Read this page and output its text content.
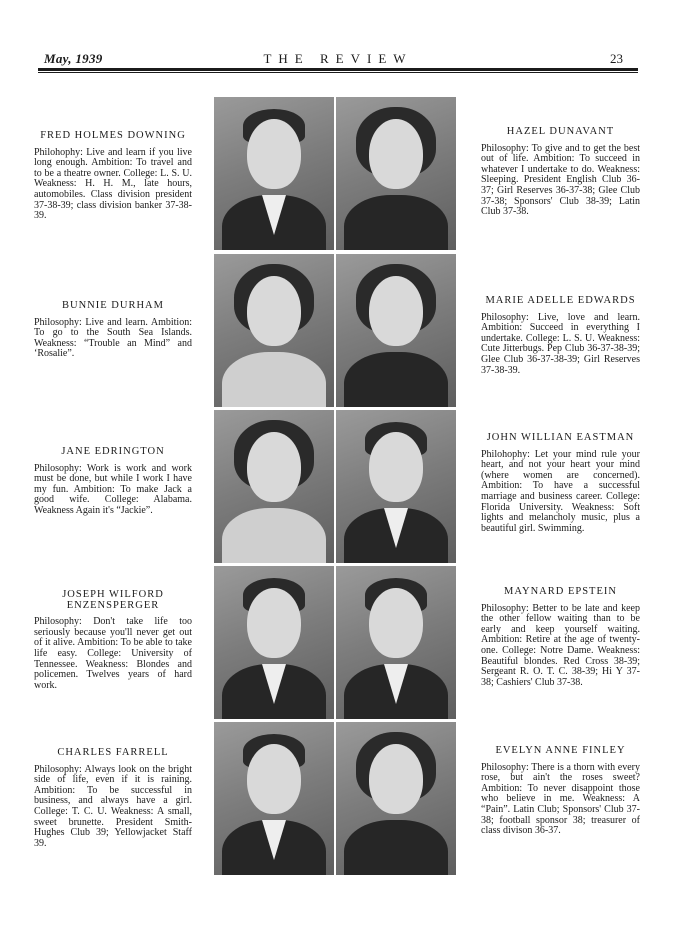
May, 1939	THE REVIEW	23
FRED HOLMES DOWNING
Philohophy: Live and learn if you live long enough. Ambition: To travel and to be a theatre owner. College: L. S. U. Weakness: H. H. M., late hours, automobiles. Class division president 37-38-39; class division banker 37-38-39.
BUNNIE DURHAM
Philosophy: Live and learn. Ambition: To go to the South Sea Islands. Weakness: “Trouble an Mind” and ‘Rosalie”.
JANE EDRINGTON
Philosophy: Work is work and work must be done, but while I work I have my fun. Ambition: To make Jack a good wife. College: Alabama. Weakness Again it's “Jackie”.
JOSEPH WILFORD ENZENSPERGER
Philosophy: Don't take life too seriously because you'll never get out of it alive. Ambition: To be able to take life easy. College: University of Tennessee. Weakness: Blondes and policemen. Twelves years of hard work.
CHARLES FARRELL
Philosophy: Always look on the bright side of life, even if it is raining. Ambition: To be successful in business, and always have a girl. College: T. C. U. Weakness: A small, sweet brunette. President Smith-Hughes Club 39; Yellowjacket Staff 39.
HAZEL DUNAVANT
Philosophy: To give and to get the best out of life. Ambition: To succeed in whatever I undertake to do. Weakness: Sleeping. President English Club 36-37; Girl Reserves 36-37-38; Glee Club 37-38; Sponsors' Club 38-39; Latin Club 37-38.
MARIE ADELLE EDWARDS
Philosophy: Live, love and learn. Ambition: Succeed in everything I undertake. College: L. S. U. Weakness: Cute Jitterbugs. Pep Club 36-37-38-39; Glee Club 36-37-38-39; Girl Reserves 37-38-39.
JOHN WILLIAN EASTMAN
Philohophy: Let your mind rule your heart, and not your heart your mind (where women are concerned). Ambition: To have a successful marriage and business career. College: Florida University. Weakness: Soft lights and melancholy music, plus a beautiful girl. Swimming.
MAYNARD EPSTEIN
Philosophy: Better to be late and keep the other fellow waiting than to be early and keep yourself waiting. Ambition: Retire at the age of twenty-one. College: Notre Dame. Weakness: Beautiful blondes. Red Cross 38-39; Sergeant R. O. T. C. 38-39; Hi Y 37-38; Cashiers' Club 37-38.
EVELYN ANNE FINLEY
Philosophy: There is a thorn with every rose, but ain't the roses sweet? Ambition: To never disappoint those who believe in me. Weakness: A “Pain”. Latin Club; Sponsors' Club 37-38; football sponsor 38; treasurer of class divison 36-37.
